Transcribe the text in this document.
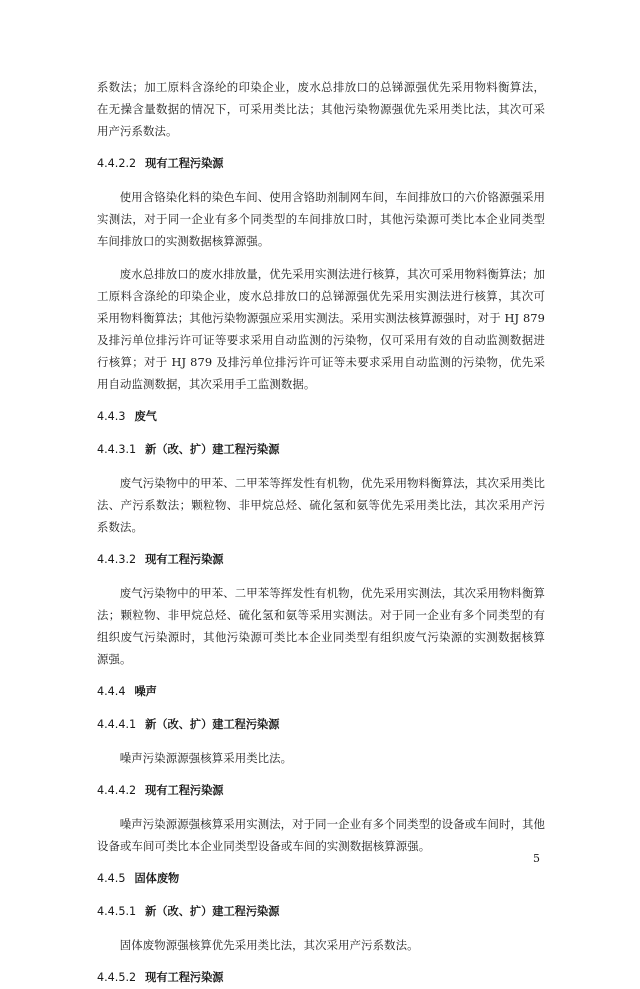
系数法；加工原料含涤纶的印染企业，废水总排放口的总锑源强优先采用物料衡算法，在无操含量数据的情况下，可采用类比法；其他污染物源强优先采用类比法，其次可采用产污系数法。

4.4.2.2 现有工程污染源

使用含铬染化料的染色车间、使用含铬助剂制网车间，车间排放口的六价铬源强采用实测法，对于同一企业有多个同类型的车间排放口时，其他污染源可类比本企业同类型车间排放口的实测数据核算源强。

废水总排放口的废水排放量，优先采用实测法进行核算，其次可采用物料衡算法；加工原料含涤纶的印染企业，废水总排放口的总锑源强优先采用实测法进行核算，其次可采用物料衡算法；其他污染物源强应采用实测法。采用实测法核算源强时，对于 HJ 879 及排污单位排污许可证等要求采用自动监测的污染物，仅可采用有效的自动监测数据进行核算；对于 HJ 879 及排污单位排污许可证等未要求采用自动监测的污染物，优先采用自动监测数据，其次采用手工监测数据。

4.4.3 废气

4.4.3.1 新（改、扩）建工程污染源

废气污染物中的甲苯、二甲苯等挥发性有机物，优先采用物料衡算法，其次采用类比法、产污系数法；颗粒物、非甲烷总烃、硫化氢和氨等优先采用类比法，其次采用产污系数法。

4.4.3.2 现有工程污染源

废气污染物中的甲苯、二甲苯等挥发性有机物，优先采用实测法，其次采用物料衡算法；颗粒物、非甲烷总烃、硫化氢和氨等采用实测法。对于同一企业有多个同类型的有组织废气污染源时，其他污染源可类比本企业同类型有组织废气污染源的实测数据核算源强。

4.4.4 噪声

4.4.4.1 新（改、扩）建工程污染源

噪声污染源源强核算采用类比法。

4.4.4.2 现有工程污染源

噪声污染源源强核算采用实测法，对于同一企业有多个同类型的设备或车间时，其他设备或车间可类比本企业同类型设备或车间的实测数据核算源强。

4.4.5 固体废物

4.4.5.1 新（改、扩）建工程污染源

固体废物源强核算优先采用类比法，其次采用产污系数法。

4.4.5.2 现有工程污染源

5
